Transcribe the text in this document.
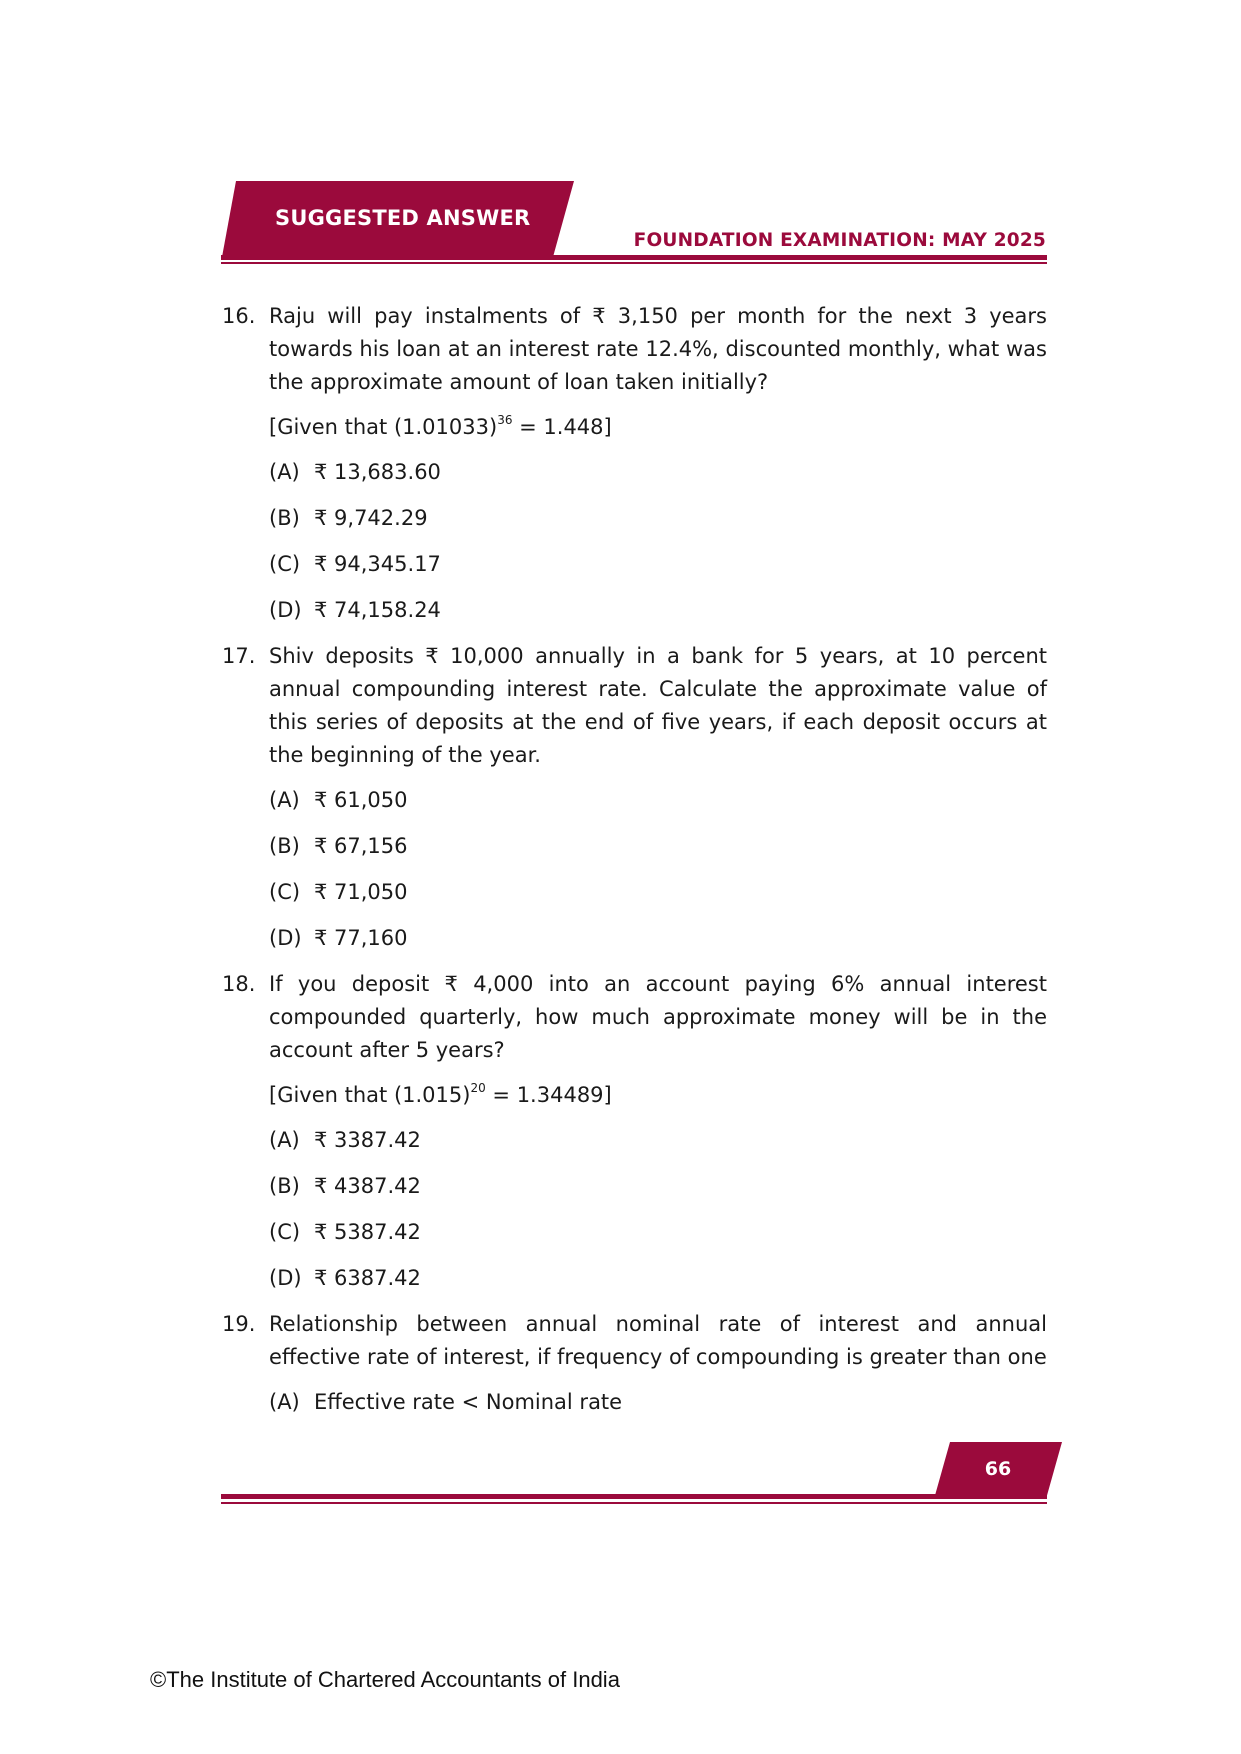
SUGGESTED ANSWER
FOUNDATION EXAMINATION: MAY 2025
16. Raju will pay instalments of ₹ 3,150 per month for the next 3 years towards his loan at an interest rate 12.4%, discounted monthly, what was the approximate amount of loan taken initially?

[Given that $(1.01033)^{36} = 1.448$]
(A) ₹ 13,683.60
(B) ₹ 9,742.29
(C) ₹ 94,345.17
(D) ₹ 74,158.24
17. Shiv deposits ₹ 10,000 annually in a bank for 5 years, at 10 percent annual compounding interest rate. Calculate the approximate value of this series of deposits at the end of five years, if each deposit occurs at the beginning of the year.

(A) ₹ 61,050
(B) ₹ 67,156
(C) ₹ 71,050
(D) ₹ 77,160
18. If you deposit ₹ 4,000 into an account paying 6% annual interest compounded quarterly, how much approximate money will be in the account after 5 years?

[Given that $(1.015)^{20} = 1.34489$]
(A) ₹ 3387.42
(B) ₹ 4387.42
(C) ₹ 5387.42
(D) ₹ 6387.42
19. Relationship between annual nominal rate of interest and annual effective rate of interest, if frequency of compounding is greater than one

(A) Effective rate < Nominal rate
66
©The Institute of Chartered Accountants of India
